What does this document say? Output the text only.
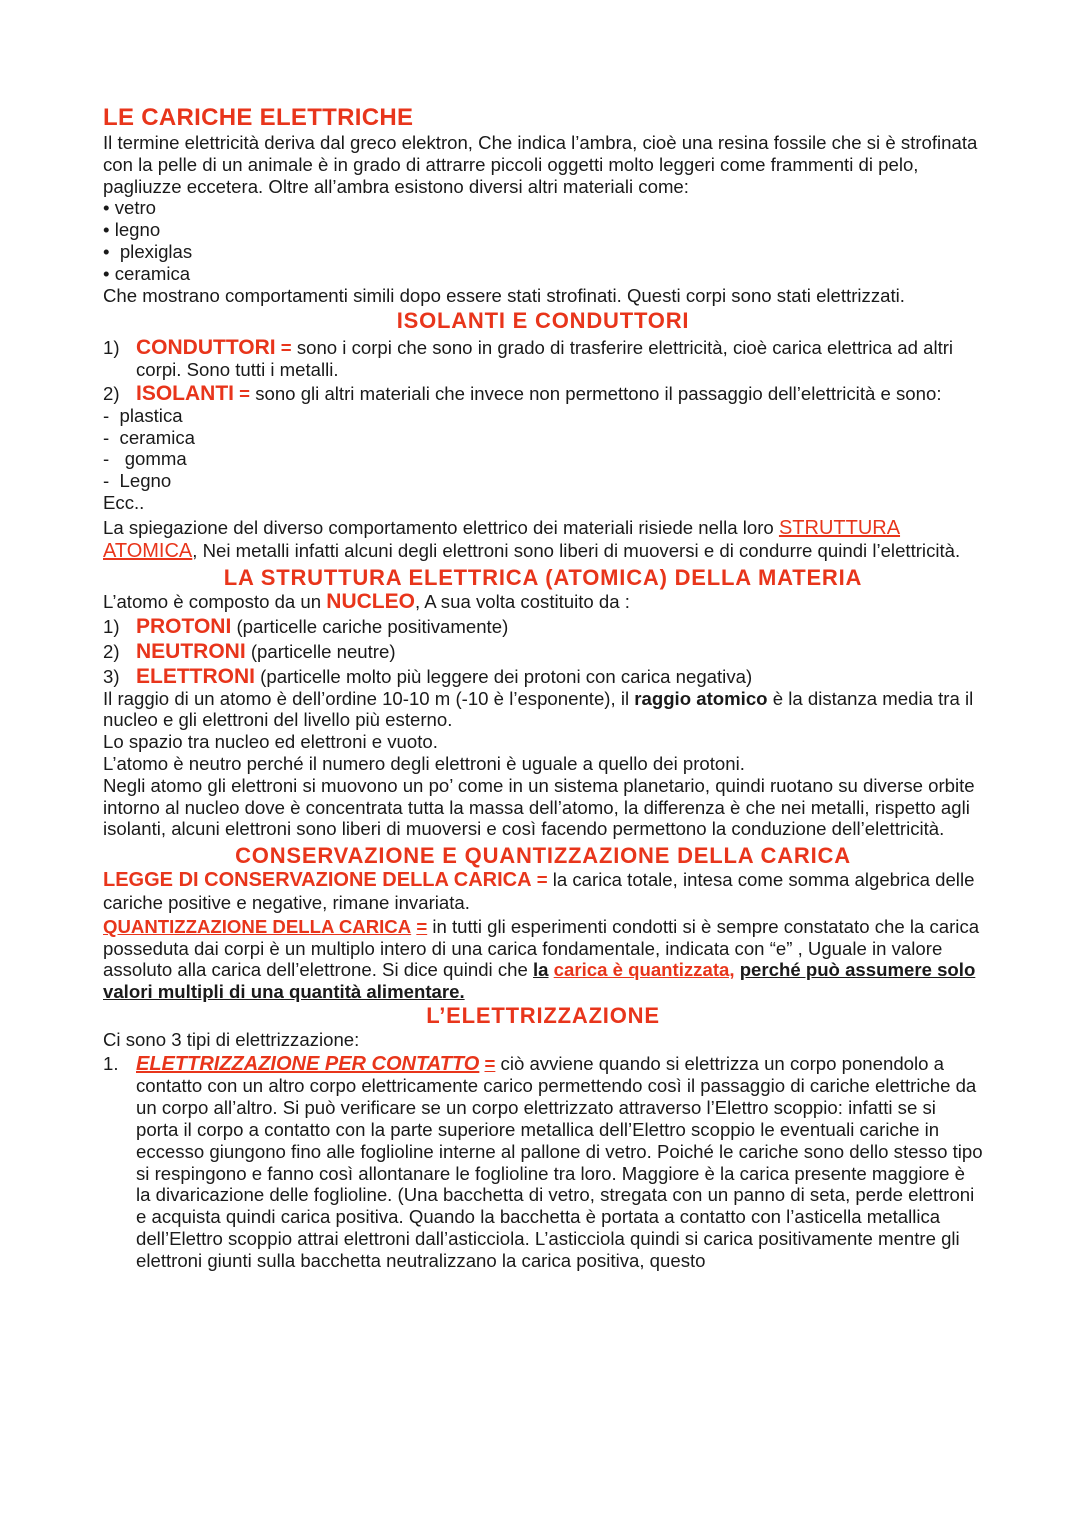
LE CARICHE ELETTRICHE

Il termine elettricità deriva dal greco elektron, Che indica l’ambra, cioè una resina fossile che si è strofinata con la pelle di un animale è in grado di attrarre piccoli oggetti molto leggeri come frammenti di pelo, pagliuzze eccetera. Oltre all’ambra esistono diversi altri materiali come:

• vetro
• legno
•  plexiglas
• ceramica

Che mostrano comportamenti simili dopo essere stati strofinati. Questi corpi sono stati elettrizzati.

ISOLANTI E CONDUTTORI
1) CONDUTTORI = sono i corpi che sono in grado di trasferire elettricità, cioè carica elettrica ad altri corpi. Sono tutti i metalli.
2) ISOLANTI = sono gli altri materiali che invece non permettono il passaggio dell’elettricità e sono:
-  plastica
-  ceramica
-   gomma
-  Legno

Ecc..

La spiegazione del diverso comportamento elettrico dei materiali risiede nella loro STRUTTURA ATOMICA, Nei metalli infatti alcuni degli elettroni sono liberi di muoversi e di condurre quindi l’elettricità.

LA STRUTTURA ELETTRICA (ATOMICA) DELLA MATERIA

L’atomo è composto da un NUCLEO, A sua volta costituito da :

1) PROTONI (particelle cariche positivamente)
2) NEUTRONI (particelle neutre)
3) ELETTRONI (particelle molto più leggere dei protoni con carica negativa)

Il raggio di un atomo è dell’ordine 10-10 m (-10 è l’esponente), il raggio atomico è la distanza media tra il nucleo e gli elettroni del livello più esterno.

Lo spazio tra nucleo ed elettroni e vuoto.

L’atomo è neutro perché il numero degli elettroni è uguale a quello dei protoni.

Negli atomo gli elettroni si muovono un po’ come in un sistema planetario, quindi ruotano su diverse orbite intorno al nucleo dove è concentrata tutta la massa dell’atomo, la differenza è che nei metalli, rispetto agli isolanti, alcuni elettroni sono liberi di muoversi e così facendo permettono la conduzione dell’elettricità.

CONSERVAZIONE E QUANTIZZAZIONE DELLA CARICA

LEGGE DI CONSERVAZIONE DELLA CARICA = la carica totale, intesa come somma algebrica delle cariche positive e negative, rimane invariata.

QUANTIZZAZIONE DELLA CARICA = in tutti gli esperimenti condotti si è sempre constatato che la carica posseduta dai corpi è un multiplo intero di una carica fondamentale, indicata con “e” , Uguale in valore assoluto alla carica dell’elettrone. Si dice quindi che la carica è quantizzata, perché può assumere solo valori multipli di una quantità alimentare.

L’ELETTRIZZAZIONE

Ci sono 3 tipi di elettrizzazione:

1. ELETTRIZZAZIONE PER CONTATTO = ciò avviene quando si elettrizza un corpo ponendolo a contatto con un altro corpo elettricamente carico permettendo così il passaggio di cariche elettriche da un corpo all’altro. Si può verificare se un corpo elettrizzato attraverso l’Elettro scoppio: infatti se si porta il corpo a contatto con la parte superiore metallica dell’Elettro scoppio le eventuali cariche in eccesso giungono fino alle foglioline interne al pallone di vetro. Poiché le cariche sono dello stesso tipo si respingono e fanno così allontanare le foglioline tra loro. Maggiore è la carica presente maggiore è la divaricazione delle foglioline. (Una bacchetta di vetro, stregata con un panno di seta, perde elettroni e acquista quindi carica positiva. Quando la bacchetta è portata a contatto con l’asticella metallica dell’Elettro scoppio attrai elettroni dall’asticciola. L’asticciola quindi si carica positivamente mentre gli elettroni giunti sulla bacchetta neutralizzano la carica positiva, questo
